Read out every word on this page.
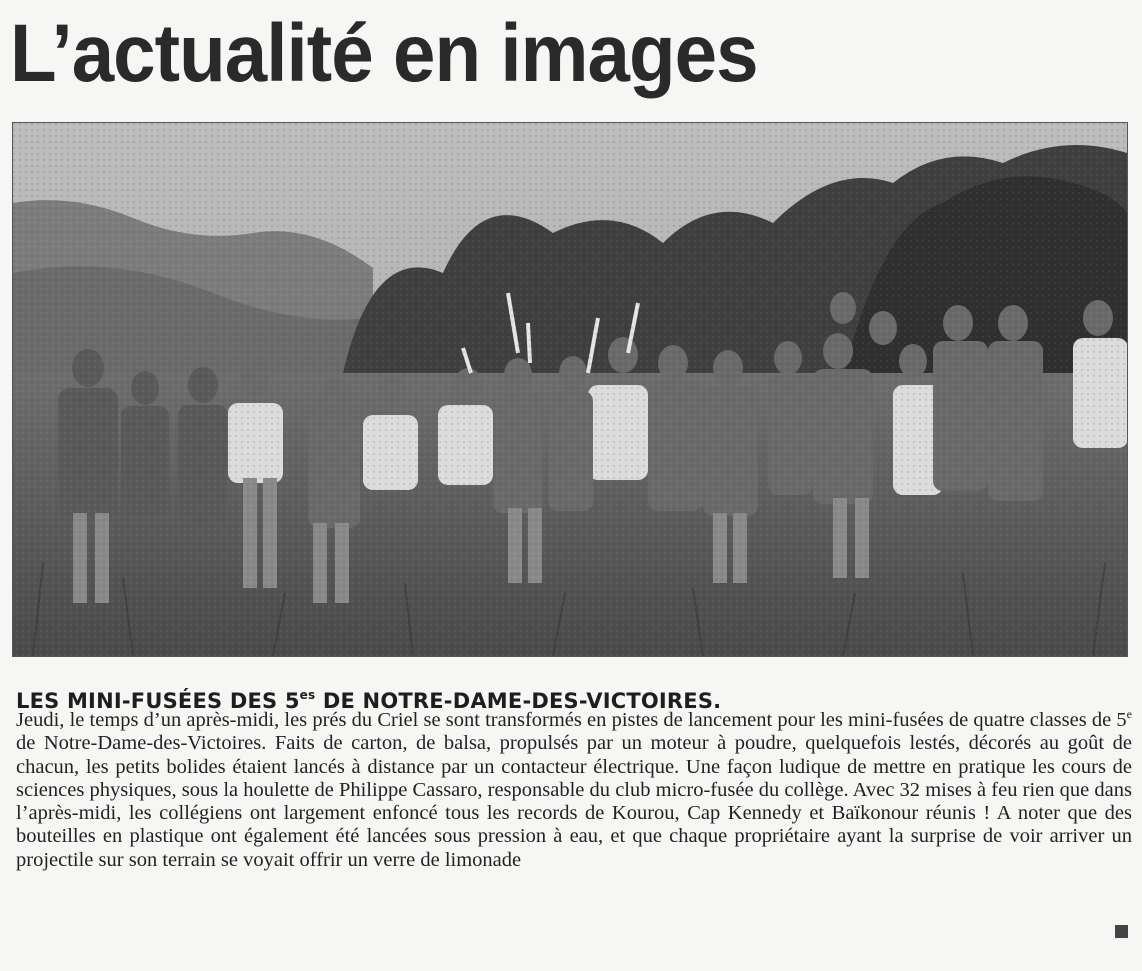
L’actualité en images
LES MINI-FUSÉES DES $5^{es}$ DE NOTRE-DAME-DES-VICTOIRES.

Jeudi, le temps d’un après-midi, les prés du Criel se sont transformés en pistes de lancement pour les mini-fusées de quatre classes de 5e de Notre-Dame-des-Victoires. Faits de carton, de balsa, propulsés par un moteur à poudre, quelquefois lestés, décorés au goût de chacun, les petits bolides étaient lancés à distance par un contacteur électrique. Une façon ludique de mettre en pratique les cours de sciences physiques, sous la houlette de Philippe Cassaro, responsable du club micro-fusée du collège. Avec 32 mises à feu rien que dans l’après-midi, les collégiens ont largement enfoncé tous les records de Kourou, Cap Kennedy et Baïkonour réunis ! A noter que des bouteilles en plastique ont également été lancées sous pression à eau, et que chaque propriétaire ayant la surprise de voir arriver un projectile sur son terrain se voyait offrir un verre de limonade
